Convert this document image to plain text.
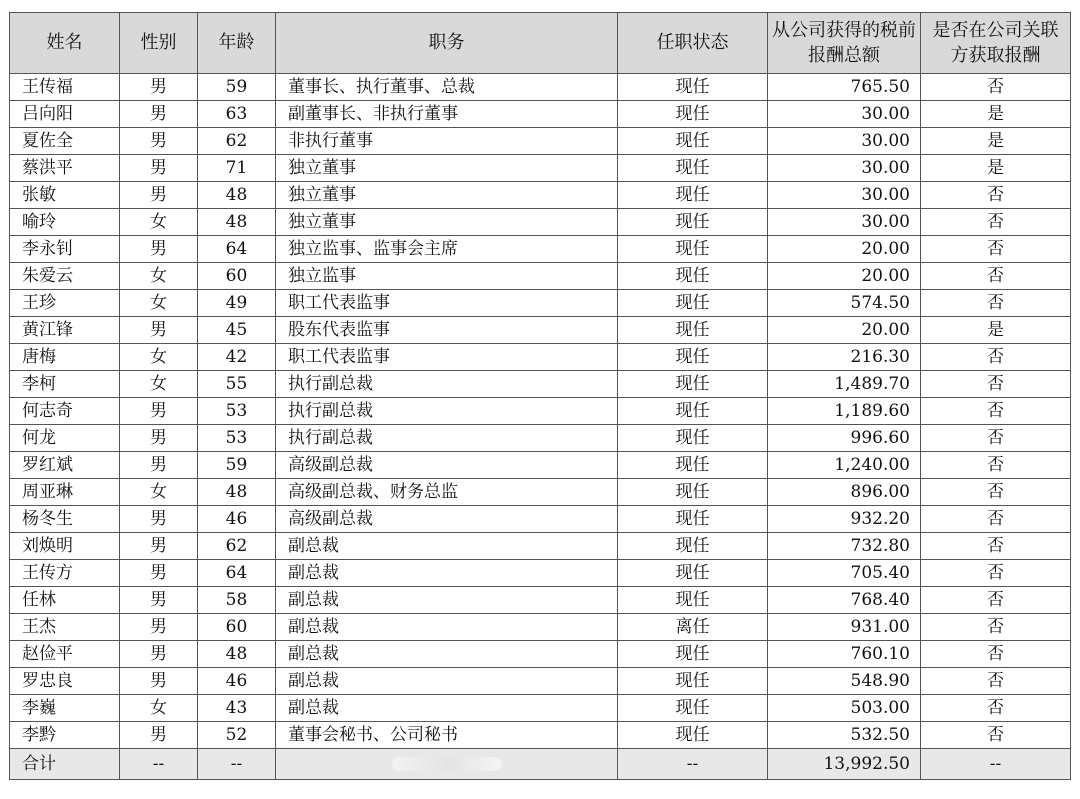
姓名	性别	年龄	职务	任职状态	从公司获得的税前报酬总额	是否在公司关联方获取报酬
王传福	男	59	董事长、执行董事、总裁	现任	765.50	否
吕向阳	男	63	副董事长、非执行董事	现任	30.00	是
夏佐全	男	62	非执行董事	现任	30.00	是
蔡洪平	男	71	独立董事	现任	30.00	是
张敏	男	48	独立董事	现任	30.00	否
喻玲	女	48	独立董事	现任	30.00	否
李永钊	男	64	独立监事、监事会主席	现任	20.00	否
朱爱云	女	60	独立监事	现任	20.00	否
王珍	女	49	职工代表监事	现任	574.50	否
黄江锋	男	45	股东代表监事	现任	20.00	是
唐梅	女	42	职工代表监事	现任	216.30	否
李柯	女	55	执行副总裁	现任	1,489.70	否
何志奇	男	53	执行副总裁	现任	1,189.60	否
何龙	男	53	执行副总裁	现任	996.60	否
罗红斌	男	59	高级副总裁	现任	1,240.00	否
周亚琳	女	48	高级副总裁、财务总监	现任	896.00	否
杨冬生	男	46	高级副总裁	现任	932.20	否
刘焕明	男	62	副总裁	现任	732.80	否
王传方	男	64	副总裁	现任	705.40	否
任林	男	58	副总裁	现任	768.40	否
王杰	男	60	副总裁	离任	931.00	否
赵俭平	男	48	副总裁	现任	760.10	否
罗忠良	男	46	副总裁	现任	548.90	否
李巍	女	43	副总裁	现任	503.00	否
李黔	男	52	董事会秘书、公司秘书	现任	532.50	否
合计	--	--		--	13,992.50	--
